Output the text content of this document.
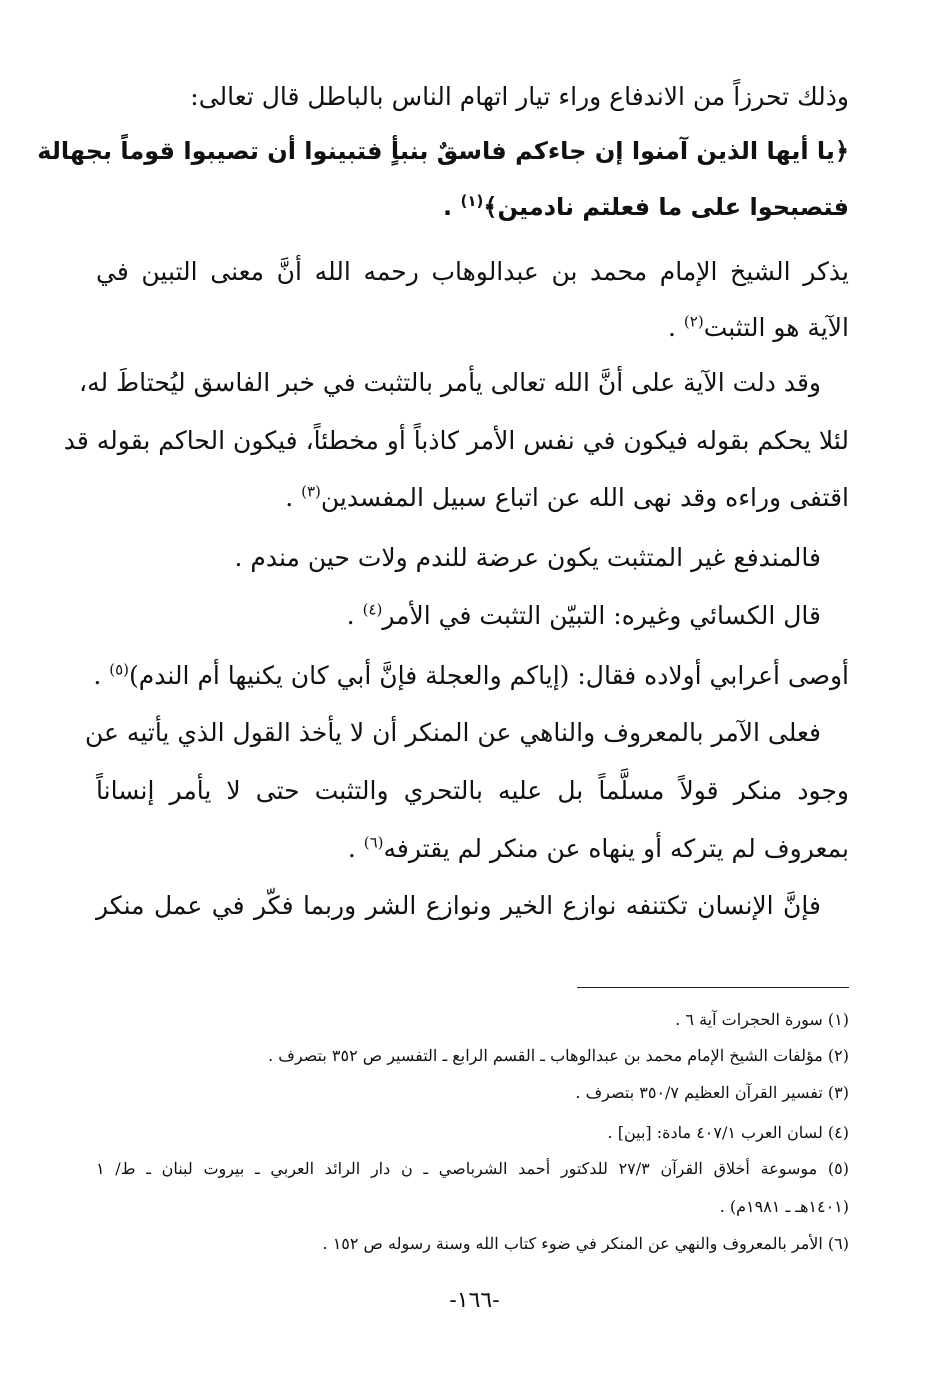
وذلك تحرزاً من الاندفاع وراء تيار اتهام الناس بالباطل قال تعالى:
﴿يا أيها الذين آمنوا إن جاءكم فاسقٌ بنبأٍ فتبينوا أن تصيبوا قوماً بجهالة
فتصبحوا على ما فعلتم نادمين﴾$^{(١)}$ .
يذكر الشيخ الإمام محمد بن عبدالوهاب رحمه الله أنَّ معنى التبين في
الآية هو التثبت$^{(٢)}$ .
وقد دلت الآية على أنَّ الله تعالى يأمر بالتثبت في خبر الفاسق ليُحتاطَ له،
لئلا يحكم بقوله فيكون في نفس الأمر كاذباً أو مخطئاً، فيكون الحاكم بقوله قد
اقتفى وراءه وقد نهى الله عن اتباع سبيل المفسدين$^{(٣)}$ .
فالمندفع غير المتثبت يكون عرضة للندم ولات حين مندم .
قال الكسائي وغيره: التبيّن التثبت في الأمر$^{(٤)}$ .
أوصى أعرابي أولاده فقال: (إياكم والعجلة فإنَّ أبي كان يكنيها أم الندم)$^{(٥)}$ .
فعلى الآمر بالمعروف والناهي عن المنكر أن لا يأخذ القول الذي يأتيه عن
وجود منكر قولاً مسلَّماً بل عليه بالتحري والتثبت حتى لا يأمر إنساناً
بمعروف لم يتركه أو ينهاه عن منكر لم يقترفه$^{(٦)}$ .
فإنَّ الإنسان تكتنفه نوازع الخير ونوازع الشر وربما فكّر في عمل منكر
(١) سورة الحجرات آية ٦ .
(٢) مؤلفات الشيخ الإمام محمد بن عبدالوهاب ـ القسم الرابع ـ التفسير ص ٣٥٢ بتصرف .
(٣) تفسير القرآن العظيم ٣٥٠/٧ بتصرف .
(٤) لسان العرب ٤٠٧/١ مادة: [بين] .
(٥) موسوعة أخلاق القرآن ٢٧/٣ للدكتور أحمد الشرباصي ـ ن دار الرائد العربي ـ بيروت لبنان ـ ط/ ١
(١٤٠١هـ ـ ١٩٨١م) .
(٦) الأمر بالمعروف والنهي عن المنكر في ضوء كتاب الله وسنة رسوله ص ١٥٢ .
-١٦٦-
